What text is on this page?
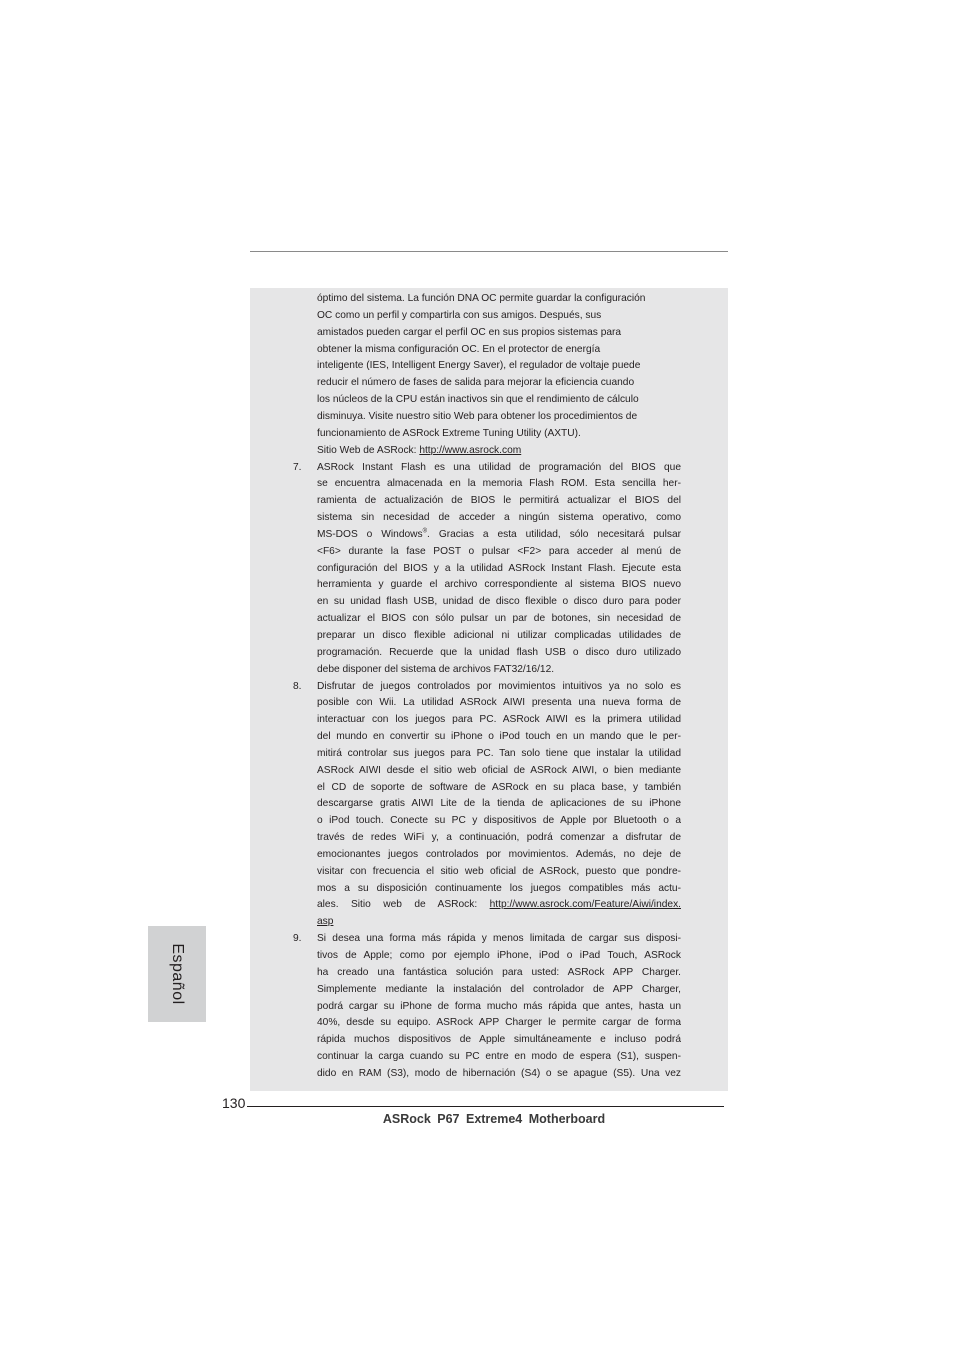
óptimo del sistema. La función DNA OC permite guardar la configuración
OC como un perfil y compartirla con sus amigos. Después, sus
amistados pueden cargar el perfil OC en sus propios sistemas para
obtener la misma configuración OC. En el protector de energía
inteligente (IES, Intelligent Energy Saver), el regulador de voltaje puede
reducir el número de fases de salida para mejorar la eficiencia cuando
los núcleos de la CPU están inactivos sin que el rendimiento de cálculo
disminuya. Visite nuestro sitio Web para obtener los procedimientos de
funcionamiento de ASRock Extreme Tuning Utility (AXTU).
Sitio Web de ASRock: http://www.asrock.com
7. ASRock Instant Flash es una utilidad de programación del BIOS que
se encuentra almacenada en la memoria Flash ROM. Esta sencilla her-
ramienta de actualización de BIOS le permitirá actualizar el BIOS del
sistema sin necesidad de acceder a ningún sistema operativo, como
MS-DOS o Windows®. Gracias a esta utilidad, sólo necesitará pulsar
<F6> durante la fase POST o pulsar <F2> para acceder al menú de
configuración del BIOS y a la utilidad ASRock Instant Flash. Ejecute esta
herramienta y guarde el archivo correspondiente al sistema BIOS nuevo
en su unidad flash USB, unidad de disco flexible o disco duro para poder
actualizar el BIOS con sólo pulsar un par de botones, sin necesidad de
preparar un disco flexible adicional ni utilizar complicadas utilidades de
programación. Recuerde que la unidad flash USB o disco duro utilizado
debe disponer del sistema de archivos FAT32/16/12.
8. Disfrutar de juegos controlados por movimientos intuitivos ya no solo es
posible con Wii. La utilidad ASRock AIWI presenta una nueva forma de
interactuar con los juegos para PC. ASRock AIWI es la primera utilidad
del mundo en convertir su iPhone o iPod touch en un mando que le per-
mitirá controlar sus juegos para PC. Tan solo tiene que instalar la utilidad
ASRock AIWI desde el sitio web oficial de ASRock AIWI, o bien mediante
el CD de soporte de software de ASRock en su placa base, y también
descargarse gratis AIWI Lite de la tienda de aplicaciones de su iPhone
o iPod touch. Conecte su PC y dispositivos de Apple por Bluetooth o a
través de redes WiFi y, a continuación, podrá comenzar a disfrutar de
emocionantes juegos controlados por movimientos. Además, no deje de
visitar con frecuencia el sitio web oficial de ASRock, puesto que pondre-
mos a su disposición continuamente los juegos compatibles más actu-
ales. Sitio web de ASRock: http://www.asrock.com/Feature/Aiwi/index.
asp
9. Si desea una forma más rápida y menos limitada de cargar sus disposi-
tivos de Apple; como por ejemplo iPhone, iPod o iPad Touch, ASRock
ha creado una fantástica solución para usted: ASRock APP Charger.
Simplemente mediante la instalación del controlador de APP Charger,
podrá cargar su iPhone de forma mucho más rápida que antes, hasta un
40%, desde su equipo. ASRock APP Charger le permite cargar de forma
rápida muchos dispositivos de Apple simultáneamente e incluso podrá
continuar la carga cuando su PC entre en modo de espera (S1), suspen-
dido en RAM (S3), modo de hibernación (S4) o se apague (S5). Una vez
Español
130
ASRock P67 Extreme4 Motherboard
